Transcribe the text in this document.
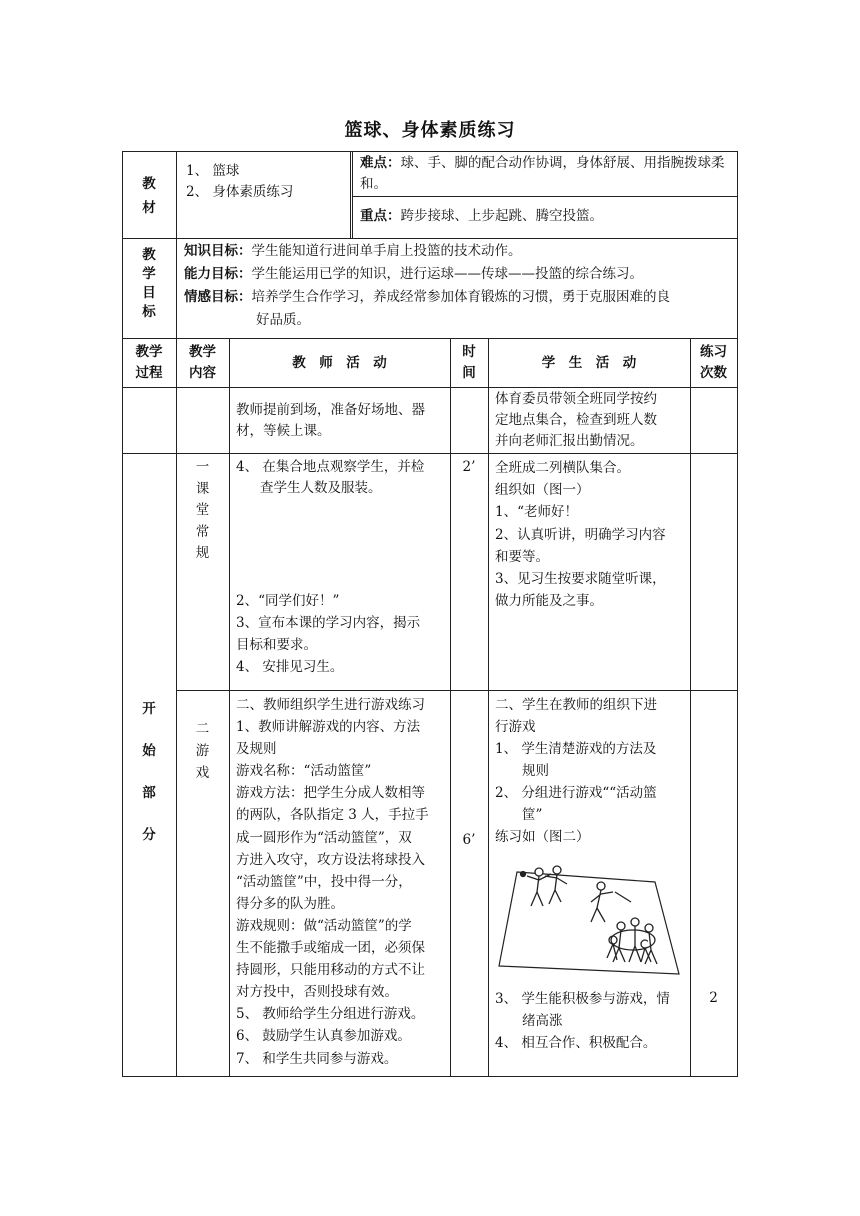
篮球、身体素质练习
教
材
1、 篮球
2、 身体素质练习
难点：球、手、脚的配合动作协调，身体舒展、用指腕拨球柔和。
重点：跨步接球、上步起跳、腾空投篮。
教
学
目
标
知识目标：学生能知道行进间单手肩上投篮的技术动作。
能力目标：学生能运用已学的知识，进行运球——传球——投篮的综合练习。
情感目标：培养学生合作学习，养成经常参加体育锻炼的习惯，勇于克服困难的良
好品质。
教学
过程
教学
内容
教　师　活　动
时
间
学　生　活　动
练习
次数
教师提前到场，准备好场地、器
材，等候上课。
体育委员带领全班同学按约
定地点集合，检查到班人数
并向老师汇报出勤情况。
开
始
部
分
一
课
堂
常
规
4、 在集合地点观察学生，并检
查学生人数及服装。
2、“同学们好！”
3、宣布本课的学习内容，揭示
目标和要求。
4、 安排见习生。
2’	全班成二列横队集合。
组织如（图一）
1、“老师好！
2、认真听讲，明确学习内容
和要等。
3、见习生按要求随堂听课，
做力所能及之事。
二
游
戏
二、教师组织学生进行游戏练习
1、教师讲解游戏的内容、方法
及规则
游戏名称：“活动篮筐”
游戏方法：把学生分成人数相等
的两队，各队指定 3 人，手拉手
成一圆形作为“活动篮筐”，双
方进入攻守，攻方设法将球投入
“活动篮筐”中，投中得一分，
得分多的队为胜。
游戏规则：做“活动篮筐”的学
生不能撒手或缩成一团，必须保
持圆形，只能用移动的方式不让
对方投中，否则投球有效。
5、 教师给学生分组进行游戏。
6、 鼓励学生认真参加游戏。
7、 和学生共同参与游戏。
6’
二、学生在教师的组织下进
行游戏
1、 学生清楚游戏的方法及
规则
2、 分组进行游戏““活动篮
筐”
练习如（图二）
3、 学生能积极参与游戏，情
绪高涨
4、 相互合作、积极配合。
2
